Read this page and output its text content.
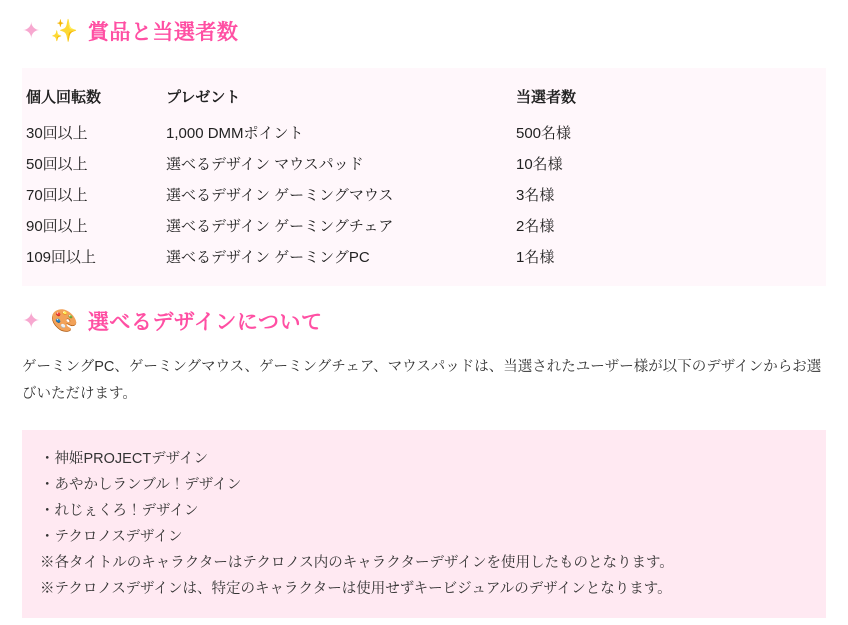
✦ ✨ 賞品と当選者数
個人回転数	プレゼント	当選者数
30回以上	1,000 DMMポイント	500名様
50回以上	選べるデザイン マウスパッド	10名様
70回以上	選べるデザイン ゲーミングマウス	3名様
90回以上	選べるデザイン ゲーミングチェア	2名様
109回以上	選べるデザイン ゲーミングPC	1名様
✦ 🎨 選べるデザインについて
ゲーミングPC、ゲーミングマウス、ゲーミングチェア、マウスパッドは、当選されたユーザー様が以下のデザインからお選びいただけます。
・神姫PROJECTデザイン
・あやかしランブル！デザイン
・れじぇくろ！デザイン
・テクロノスデザイン
※各タイトルのキャラクターはテクロノス内のキャラクターデザインを使用したものとなります。
※テクロノスデザインは、特定のキャラクターは使用せずキービジュアルのデザインとなります。
